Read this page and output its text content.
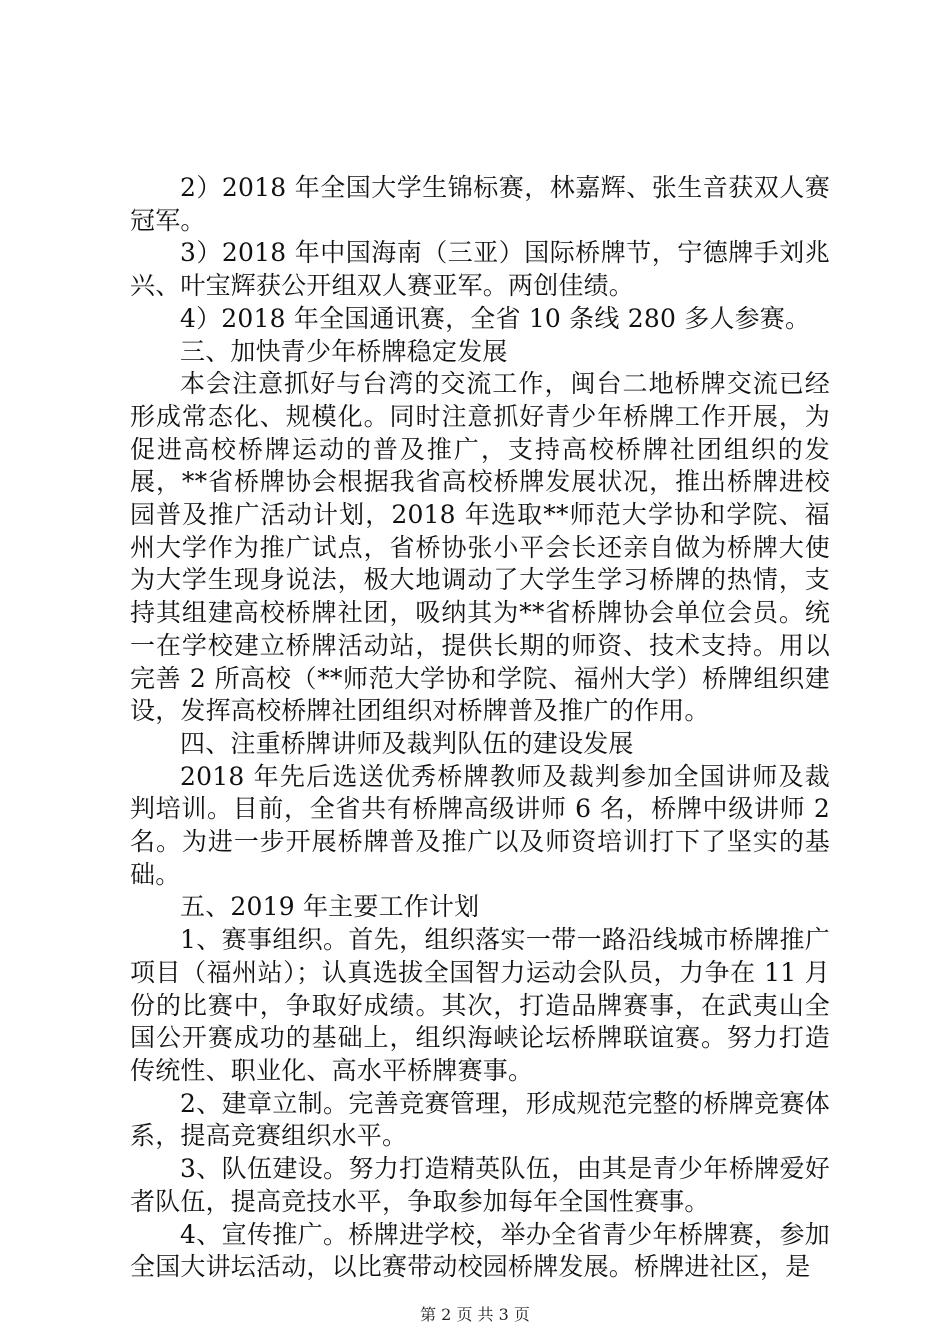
2）2018 年全国大学生锦标赛，林嘉辉、张生音获双人赛冠军。

3）2018 年中国海南（三亚）国际桥牌节，宁德牌手刘兆兴、叶宝辉获公开组双人赛亚军。两创佳绩。

4）2018 年全国通讯赛，全省 10 条线 280 多人参赛。

三、加快青少年桥牌稳定发展

本会注意抓好与台湾的交流工作，闽台二地桥牌交流已经形成常态化、规模化。同时注意抓好青少年桥牌工作开展，为促进高校桥牌运动的普及推广，支持高校桥牌社团组织的发展，**省桥牌协会根据我省高校桥牌发展状况，推出桥牌进校园普及推广活动计划，2018 年选取**师范大学协和学院、福州大学作为推广试点，省桥协张小平会长还亲自做为桥牌大使为大学生现身说法，极大地调动了大学生学习桥牌的热情，支持其组建高校桥牌社团，吸纳其为**省桥牌协会单位会员。统一在学校建立桥牌活动站，提供长期的师资、技术支持。用以完善 2 所高校（**师范大学协和学院、福州大学）桥牌组织建设，发挥高校桥牌社团组织对桥牌普及推广的作用。

四、注重桥牌讲师及裁判队伍的建设发展

2018 年先后选送优秀桥牌教师及裁判参加全国讲师及裁判培训。目前，全省共有桥牌高级讲师 6 名，桥牌中级讲师 2 名。为进一步开展桥牌普及推广以及师资培训打下了坚实的基础。

五、2019 年主要工作计划

1、赛事组织。首先，组织落实一带一路沿线城市桥牌推广项目（福州站）；认真选拔全国智力运动会队员，力争在 11 月份的比赛中，争取好成绩。其次，打造品牌赛事，在武夷山全国公开赛成功的基础上，组织海峡论坛桥牌联谊赛。努力打造传统性、职业化、高水平桥牌赛事。

2、建章立制。完善竞赛管理，形成规范完整的桥牌竞赛体系，提高竞赛组织水平。

3、队伍建设。努力打造精英队伍，由其是青少年桥牌爱好者队伍，提高竞技水平，争取参加每年全国性赛事。

4、宣传推广。桥牌进学校，举办全省青少年桥牌赛，参加全国大讲坛活动，以比赛带动校园桥牌发展。桥牌进社区，是

第 2 页 共 3 页
